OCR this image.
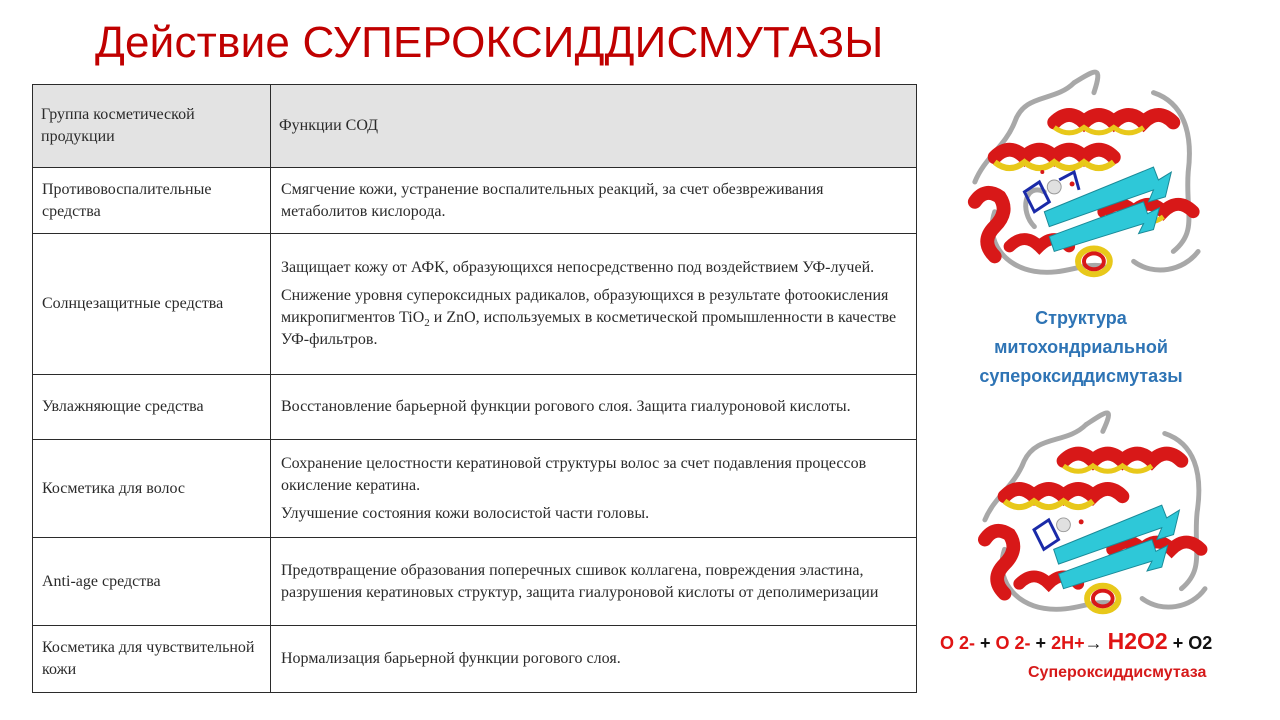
Действие СУПЕРОКСИДДИСМУТАЗЫ
Группа косметической продукции	Функции СОД
Противовоспалительные средства	Смягчение кожи, устранение воспалительных реакций, за счет обезвреживания метаболитов кислорода.

Солнцезащитные средства	Защищает кожу от АФК, образующихся непосредственно под воздействием УФ-лучей.
Снижение уровня супероксидных радикалов, образующихся в результате фотоокисления микропигментов TiO$_2$ и ZnO, используемых в косметической промышленности в качестве УФ-фильтров.

Увлажняющие средства	Восстановление барьерной функции рогового слоя. Защита гиалуроновой кислоты.

Косметика для волос	Сохранение целостности кератиновой структуры волос за счет подавления процессов окисление кератина.
Улучшение состояния кожи волосистой части головы.

Anti-age средства	Предотвращение образования поперечных сшивок коллагена, повреждения эластина, разрушения кератиновых структур, защита гиалуроновой кислоты от деполимеризации

Косметика для чувствительной кожи	Нормализация барьерной функции рогового слоя.
Структура
митохондриальной
супероксиддисмутазы
O 2- + O 2- + 2H+→ H2O2 + O2
Супероксиддисмутаза
